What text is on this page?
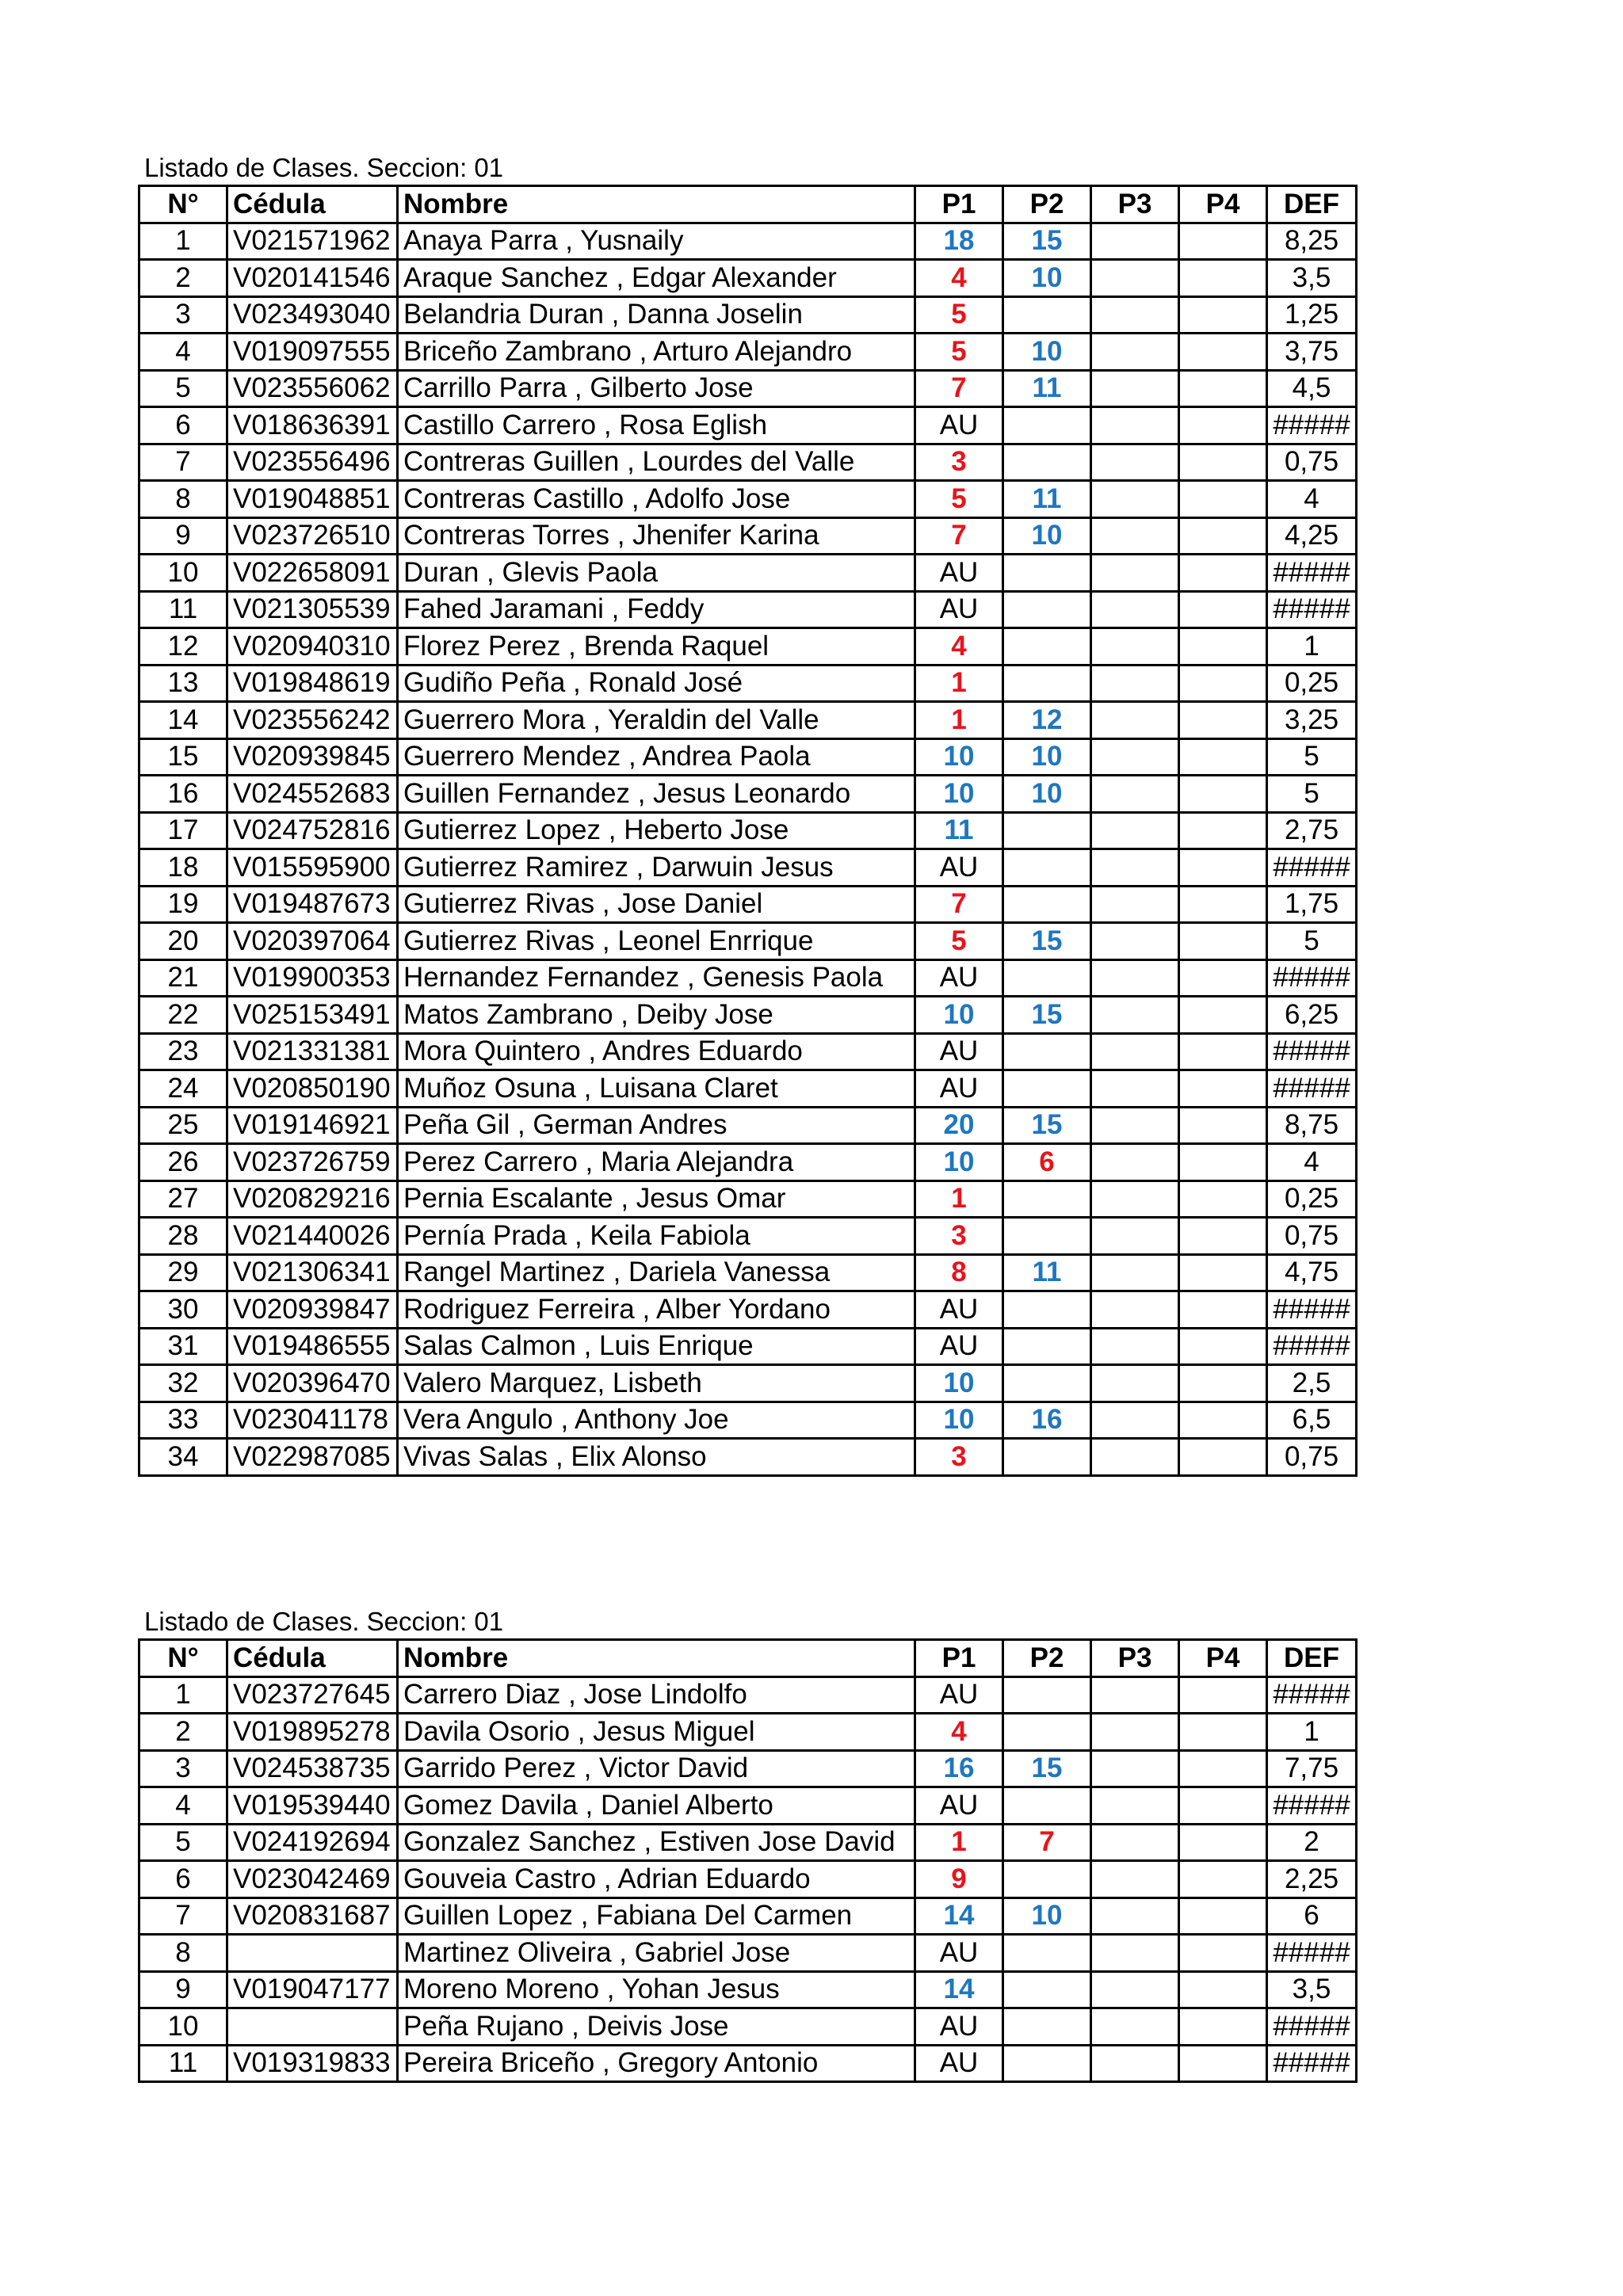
Listado de Clases. Seccion: 01
N°	Cédula	Nombre	P1	P2	P3	P4	DEF
1	V021571962	Anaya Parra , Yusnaily	18	15			8,25
2	V020141546	Araque Sanchez , Edgar Alexander	4	10			3,5
3	V023493040	Belandria Duran , Danna Joselin	5				1,25
4	V019097555	Briceño Zambrano , Arturo Alejandro	5	10			3,75
5	V023556062	Carrillo Parra , Gilberto Jose	7	11			4,5
6	V018636391	Castillo Carrero , Rosa Eglish	AU				#####
7	V023556496	Contreras Guillen , Lourdes del Valle	3				0,75
8	V019048851	Contreras Castillo , Adolfo Jose	5	11			4
9	V023726510	Contreras Torres , Jhenifer Karina	7	10			4,25
10	V022658091	Duran , Glevis Paola	AU				#####
11	V021305539	Fahed Jaramani , Feddy	AU				#####
12	V020940310	Florez Perez , Brenda Raquel	4				1
13	V019848619	Gudiño Peña , Ronald José	1				0,25
14	V023556242	Guerrero Mora , Yeraldin del Valle	1	12			3,25
15	V020939845	Guerrero Mendez , Andrea Paola	10	10			5
16	V024552683	Guillen Fernandez , Jesus Leonardo	10	10			5
17	V024752816	Gutierrez Lopez , Heberto Jose	11				2,75
18	V015595900	Gutierrez Ramirez , Darwuin Jesus	AU				#####
19	V019487673	Gutierrez Rivas , Jose Daniel	7				1,75
20	V020397064	Gutierrez Rivas , Leonel Enrrique	5	15			5
21	V019900353	Hernandez Fernandez , Genesis Paola	AU				#####
22	V025153491	Matos Zambrano , Deiby Jose	10	15			6,25
23	V021331381	Mora Quintero , Andres Eduardo	AU				#####
24	V020850190	Muñoz Osuna , Luisana Claret	AU				#####
25	V019146921	Peña Gil , German Andres	20	15			8,75
26	V023726759	Perez Carrero , Maria Alejandra	10	6			4
27	V020829216	Pernia Escalante , Jesus Omar	1				0,25
28	V021440026	Pernía Prada , Keila Fabiola	3				0,75
29	V021306341	Rangel Martinez , Dariela Vanessa	8	11			4,75
30	V020939847	Rodriguez Ferreira , Alber Yordano	AU				#####
31	V019486555	Salas Calmon , Luis Enrique	AU				#####
32	V020396470	Valero Marquez, Lisbeth	10				2,5
33	V023041178	Vera Angulo , Anthony Joe	10	16			6,5
34	V022987085	Vivas Salas , Elix Alonso	3				0,75
Listado de Clases. Seccion: 01
N°	Cédula	Nombre	P1	P2	P3	P4	DEF
1	V023727645	Carrero Diaz , Jose Lindolfo	AU				#####
2	V019895278	Davila Osorio , Jesus Miguel	4				1
3	V024538735	Garrido Perez , Victor David	16	15			7,75
4	V019539440	Gomez Davila , Daniel Alberto	AU				#####
5	V024192694	Gonzalez Sanchez , Estiven Jose David	1	7			2
6	V023042469	Gouveia Castro , Adrian Eduardo	9				2,25
7	V020831687	Guillen Lopez , Fabiana Del Carmen	14	10			6
8		Martinez Oliveira , Gabriel Jose	AU				#####
9	V019047177	Moreno Moreno , Yohan Jesus	14				3,5
10		Peña Rujano , Deivis Jose	AU				#####
11	V019319833	Pereira Briceño , Gregory Antonio	AU				#####
